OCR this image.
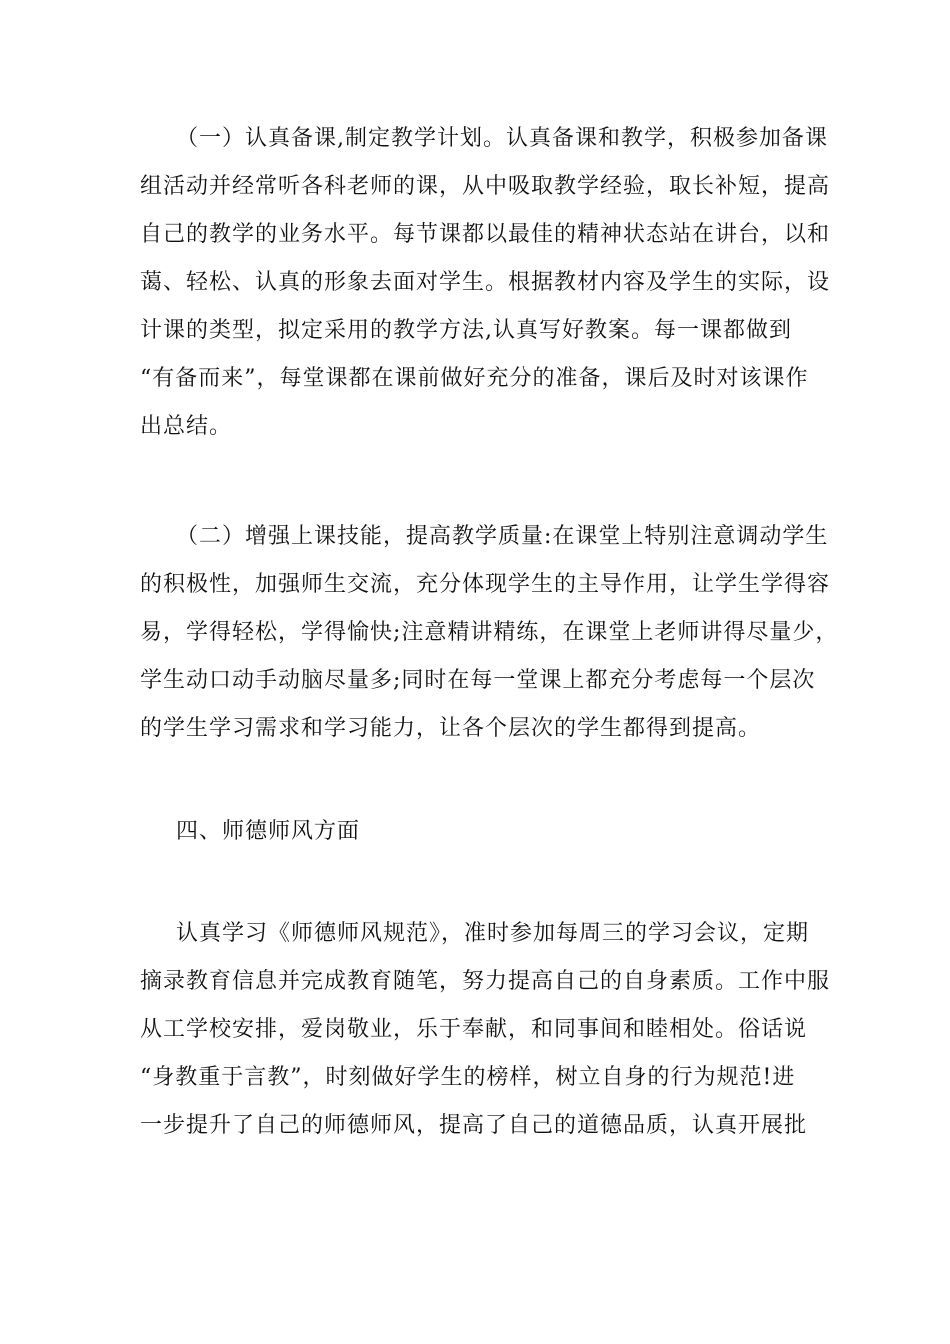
（一）认真备课,制定教学计划。认真备课和教学，积极参加备课
组活动并经常听各科老师的课，从中吸取教学经验，取长补短，提高
自己的教学的业务水平。每节课都以最佳的精神状态站在讲台，以和
蔼、轻松、认真的形象去面对学生。根据教材内容及学生的实际，设
计课的类型，拟定采用的教学方法,认真写好教案。每一课都做到
“有备而来”，每堂课都在课前做好充分的准备，课后及时对该课作
出总结。
（二）增强上课技能，提高教学质量:在课堂上特别注意调动学生
的积极性，加强师生交流，充分体现学生的主导作用，让学生学得容
易，学得轻松，学得愉快;注意精讲精练，在课堂上老师讲得尽量少，
学生动口动手动脑尽量多;同时在每一堂课上都充分考虑每一个层次
的学生学习需求和学习能力，让各个层次的学生都得到提高。
四、师德师风方面
认真学习《师德师风规范》，准时参加每周三的学习会议，定期
摘录教育信息并完成教育随笔，努力提高自己的自身素质。工作中服
从工学校安排，爱岗敬业，乐于奉献，和同事间和睦相处。俗话说
“身教重于言教”，时刻做好学生的榜样，树立自身的行为规范!进
一步提升了自己的师德师风，提高了自己的道德品质，认真开展批
